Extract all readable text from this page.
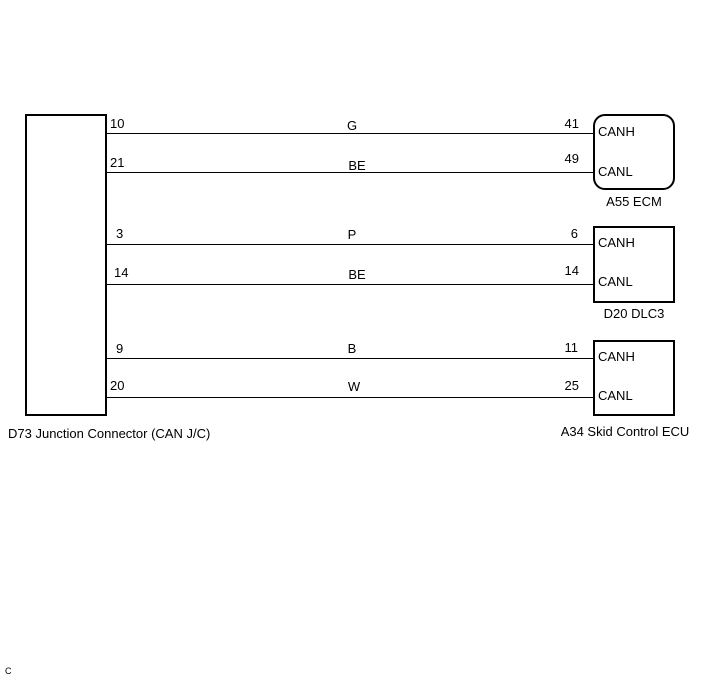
D73 Junction Connector (CAN J/C)
CANH
CANL
A55 ECM
CANH
CANL
D20 DLC3
CANH
CANL
A34 Skid Control ECU
10	G	41
21	BE	49
3	P	6
14	BE	14
9	B	11
20	W	25
C
